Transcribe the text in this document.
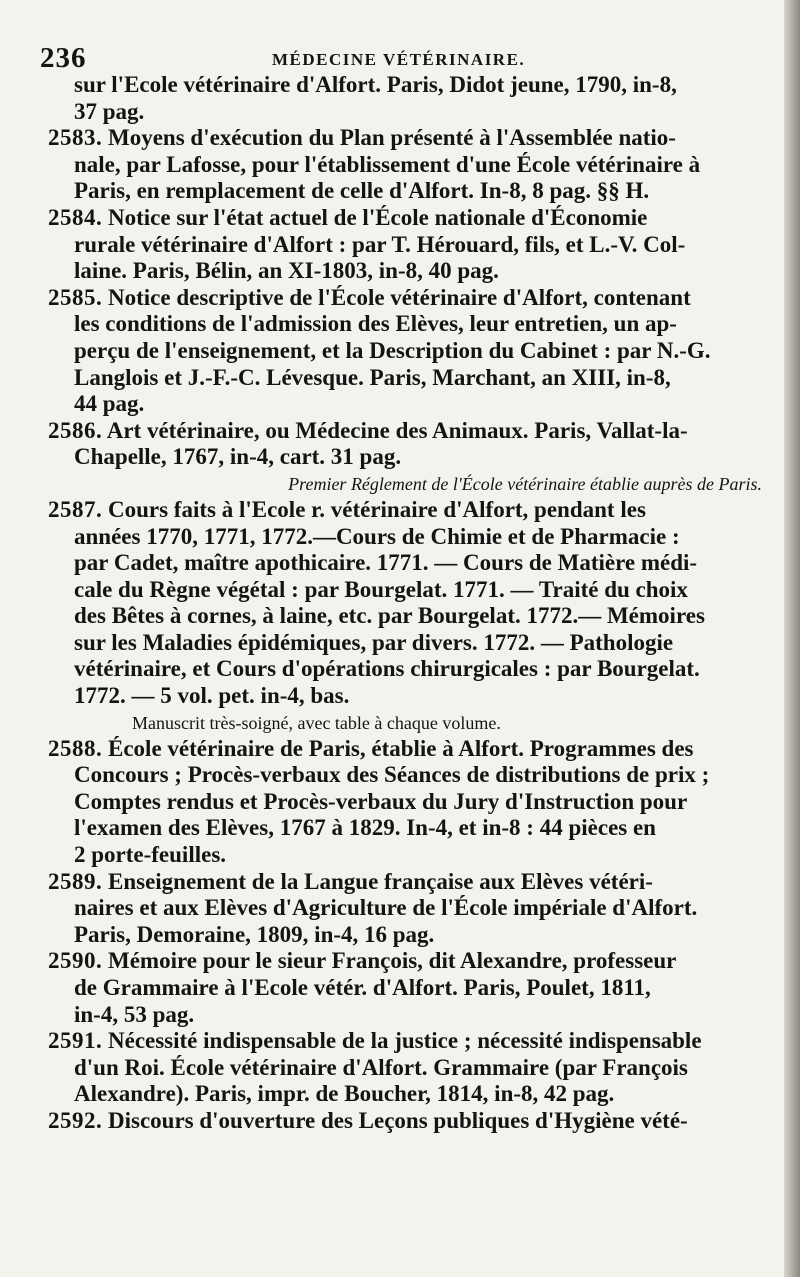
236	MÉDECINE VÉTÉRINAIRE.
sur l'Ecole vétérinaire d'Alfort. Paris, Didot jeune, 1790, in-8,
37 pag.
2583. Moyens d'exécution du Plan présenté à l'Assemblée natio-
nale, par Lafosse, pour l'établissement d'une École vétérinaire à
Paris, en remplacement de celle d'Alfort. In-8, 8 pag. §§ H.
2584. Notice sur l'état actuel de l'École nationale d'Économie
rurale vétérinaire d'Alfort : par T. Hérouard, fils, et L.-V. Col-
laine. Paris, Bélin, an XI-1803, in-8, 40 pag.
2585. Notice descriptive de l'École vétérinaire d'Alfort, contenant
les conditions de l'admission des Elèves, leur entretien, un ap-
perçu de l'enseignement, et la Description du Cabinet : par N.-G.
Langlois et J.-F.-C. Lévesque. Paris, Marchant, an XIII, in-8,
44 pag.
2586. Art vétérinaire, ou Médecine des Animaux. Paris, Vallat-la-
Chapelle, 1767, in-4, cart. 31 pag.
Premier Réglement de l'École vétérinaire établie auprès de Paris.
2587. Cours faits à l'Ecole r. vétérinaire d'Alfort, pendant les
années 1770, 1771, 1772.—Cours de Chimie et de Pharmacie :
par Cadet, maître apothicaire. 1771. — Cours de Matière médi-
cale du Règne végétal : par Bourgelat. 1771. — Traité du choix
des Bêtes à cornes, à laine, etc. par Bourgelat. 1772.— Mémoires
sur les Maladies épidémiques, par divers. 1772. — Pathologie
vétérinaire, et Cours d'opérations chirurgicales : par Bourgelat.
1772. — 5 vol. pet. in-4, bas.
Manuscrit très-soigné, avec table à chaque volume.
2588. École vétérinaire de Paris, établie à Alfort. Programmes des
Concours ; Procès-verbaux des Séances de distributions de prix ;
Comptes rendus et Procès-verbaux du Jury d'Instruction pour
l'examen des Elèves, 1767 à 1829. In-4, et in-8 : 44 pièces en
2 porte-feuilles.
2589. Enseignement de la Langue française aux Elèves vétéri-
naires et aux Elèves d'Agriculture de l'École impériale d'Alfort.
Paris, Demoraine, 1809, in-4, 16 pag.
2590. Mémoire pour le sieur François, dit Alexandre, professeur
de Grammaire à l'Ecole vétér. d'Alfort. Paris, Poulet, 1811,
in-4, 53 pag.
2591. Nécessité indispensable de la justice ; nécessité indispensable
d'un Roi. École vétérinaire d'Alfort. Grammaire (par François
Alexandre). Paris, impr. de Boucher, 1814, in-8, 42 pag.
2592. Discours d'ouverture des Leçons publiques d'Hygiène vété-
